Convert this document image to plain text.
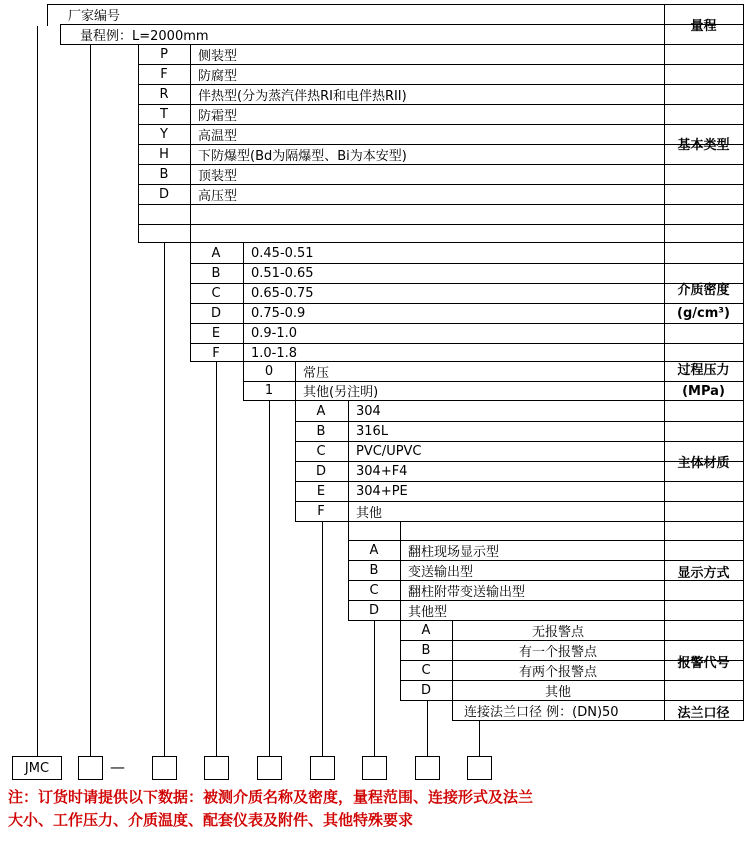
厂家编号
量程例：L=2000mm
量程
P	侧装型
F	防腐型
R	伴热型(分为蒸汽伴热RI和电伴热RII)
T	防霜型
Y	高温型
H	下防爆型(Bd为隔爆型、Bi为本安型)
B	顶装型
D	高压型
基本类型
A	0.45-0.51
B	0.51-0.65
C	0.65-0.75
D	0.75-0.9
E	0.9-1.0
F	1.0-1.8
介质密度
(g/cm³)
0	常压
1	其他(另注明)
过程压力
(MPa)
A	304
B	316L
C	PVC/UPVC
D	304+F4
E	304+PE
F	其他
主体材质
A	翻柱现场显示型
B	变送输出型
C	翻柱附带变送输出型
D	其他型
显示方式
A	无报警点
B	有一个报警点
C	有两个报警点
D	其他
报警代号
连接法兰口径 例：(DN)50	法兰口径
JMC	—
注：订货时请提供以下数据：被测介质名称及密度，量程范围、连接形式及法兰
大小、工作压力、介质温度、配套仪表及附件、其他特殊要求
